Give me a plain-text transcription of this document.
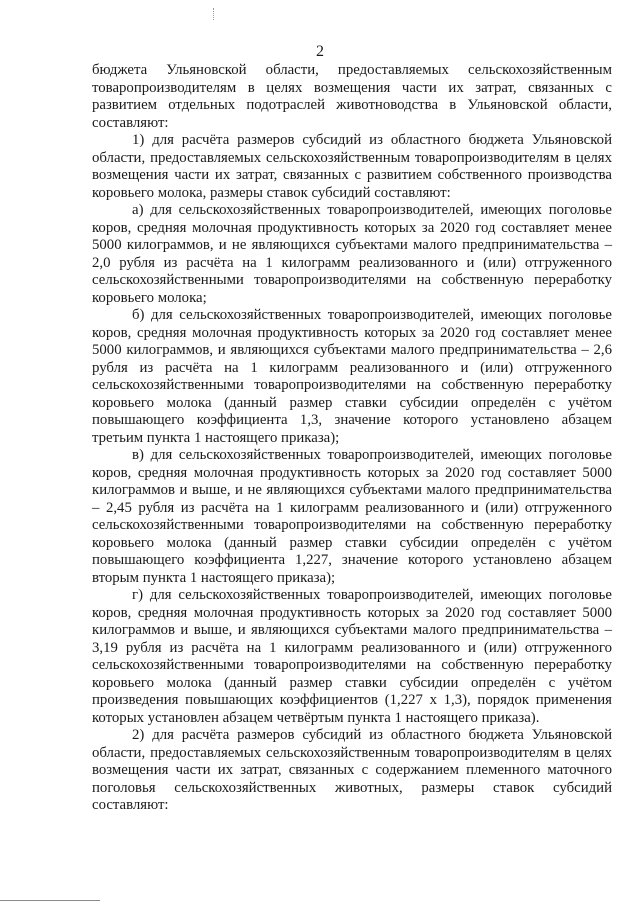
2

бюджета Ульяновской области, предоставляемых сельскохозяйственным товаропроизводителям в целях возмещения части их затрат, связанных с развитием отдельных подотраслей животноводства в Ульяновской области, составляют:

1) для расчёта размеров субсидий из областного бюджета Ульяновской области, предоставляемых сельскохозяйственным товаропроизводителям в целях возмещения части их затрат, связанных с развитием собственного производства коровьего молока, размеры ставок субсидий составляют:

а) для сельскохозяйственных товаропроизводителей, имеющих поголовье коров, средняя молочная продуктивность которых за 2020 год составляет менее 5000 килограммов, и не являющихся субъектами малого предпринимательства – 2,0 рубля из расчёта на 1 килограмм реализованного и (или) отгруженного сельскохозяйственными товаропроизводителями на собственную переработку коровьего молока;

б) для сельскохозяйственных товаропроизводителей, имеющих поголовье коров, средняя молочная продуктивность которых за 2020 год составляет менее 5000 килограммов, и являющихся субъектами малого предпринимательства – 2,6 рубля из расчёта на 1 килограмм реализованного и (или) отгруженного сельскохозяйственными товаропроизводителями на собственную переработку коровьего молока (данный размер ставки субсидии определён с учётом повышающего коэффициента 1,3, значение которого установлено абзацем третьим пункта 1 настоящего приказа);

в) для сельскохозяйственных товаропроизводителей, имеющих поголовье коров, средняя молочная продуктивность которых за 2020 год составляет 5000 килограммов и выше, и не являющихся субъектами малого предпринимательства – 2,45 рубля из расчёта на 1 килограмм реализованного и (или) отгруженного сельскохозяйственными товаропроизводителями на собственную переработку коровьего молока (данный размер ставки субсидии определён с учётом повышающего коэффициента 1,227, значение которого установлено абзацем вторым пункта 1 настоящего приказа);

г) для сельскохозяйственных товаропроизводителей, имеющих поголовье коров, средняя молочная продуктивность которых за 2020 год составляет 5000 килограммов и выше, и являющихся субъектами малого предпринимательства – 3,19 рубля из расчёта на 1 килограмм реализованного и (или) отгруженного сельскохозяйственными товаропроизводителями на собственную переработку коровьего молока (данный размер ставки субсидии определён с учётом произведения повышающих коэффициентов (1,227 х 1,3), порядок применения которых установлен абзацем четвёртым пункта 1 настоящего приказа).

2) для расчёта размеров субсидий из областного бюджета Ульяновской области, предоставляемых сельскохозяйственным товаропроизводителям в целях возмещения части их затрат, связанных с содержанием племенного маточного поголовья сельскохозяйственных животных, размеры ставок субсидий составляют:
